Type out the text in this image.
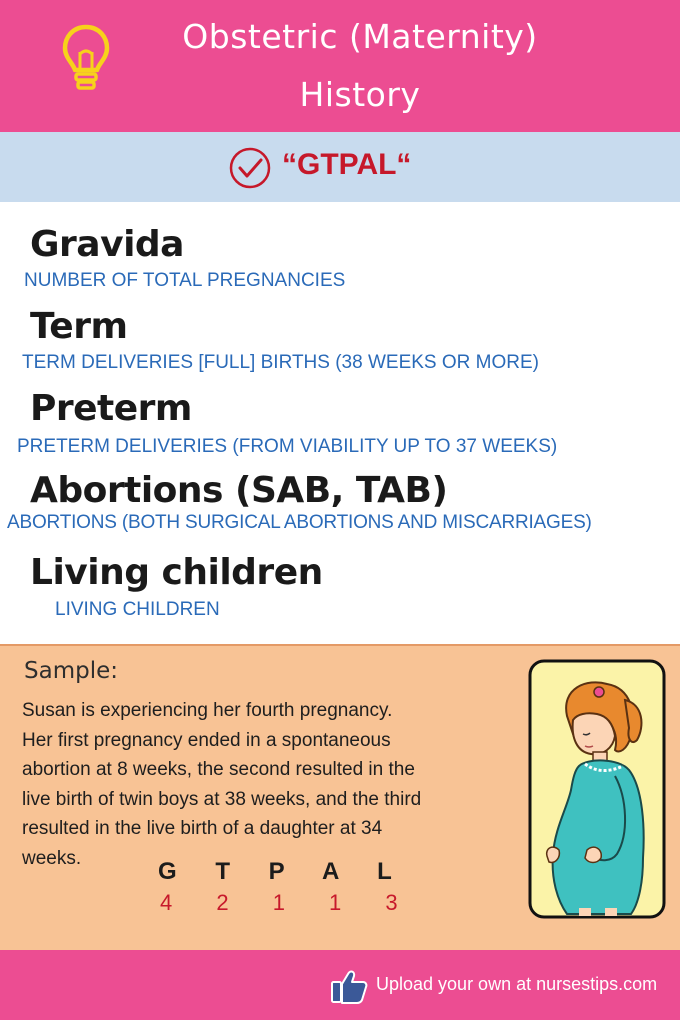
Obstetric (Maternity)
History
“GTPAL“
Gravida
NUMBER OF TOTAL PREGNANCIES
Term
TERM DELIVERIES [FULL] BIRTHS (38 WEEKS OR MORE)
Preterm
PRETERM DELIVERIES (FROM VIABILITY UP TO 37 WEEKS)
Abortions (SAB, TAB)
ABORTIONS (BOTH SURGICAL ABORTIONS AND MISCARRIAGES)
Living children
LIVING CHILDREN
Sample:
Susan is experiencing her fourth pregnancy.
Her first pregnancy ended in a spontaneous
abortion at 8 weeks, the second resulted in the
live birth of twin boys at 38 weeks, and the third
resulted in the live birth of a daughter at 34
weeks.	G T P A L
4 2 1 1 3
Upload your own at nursestips.com
